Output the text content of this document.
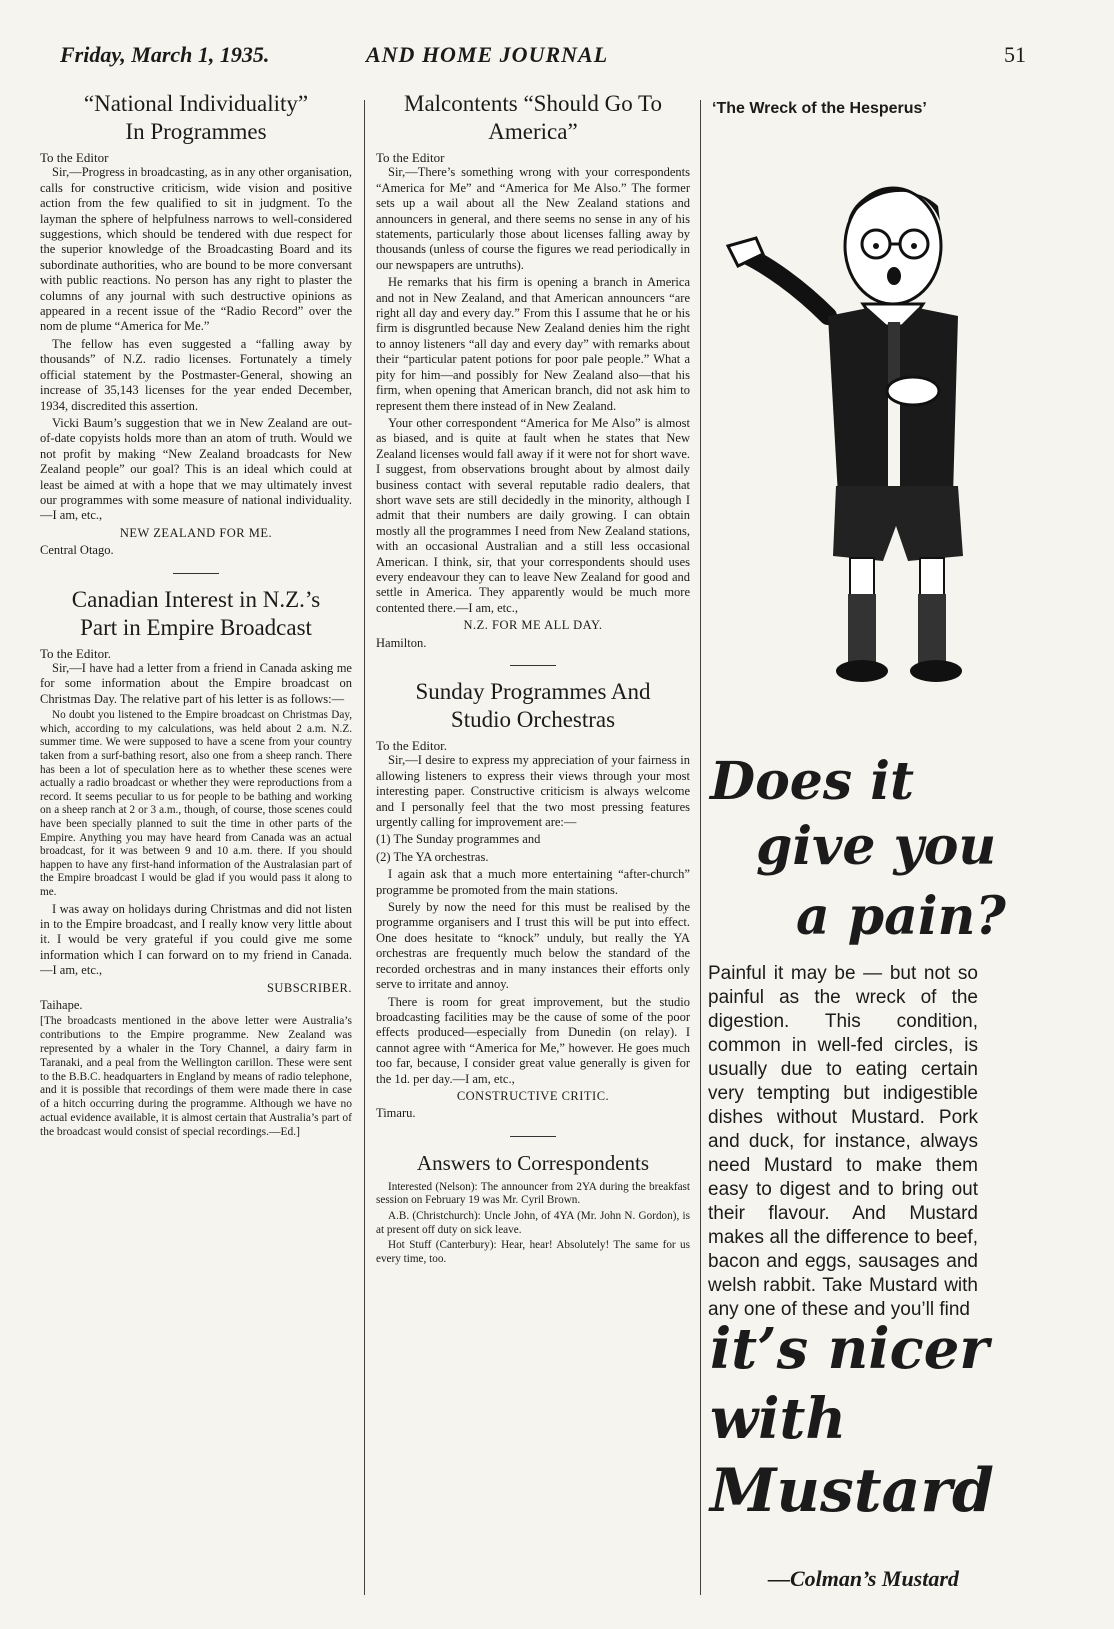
Friday, March 1, 1935.	AND HOME JOURNAL	51
“National Individuality”
In Programmes
To the Editor

Sir,—Progress in broadcasting, as in any other organisation, calls for constructive criticism, wide vision and positive action from the few qualified to sit in judgment. To the layman the sphere of helpfulness narrows to well-considered suggestions, which should be tendered with due respect for the superior knowledge of the Broadcasting Board and its subordinate authorities, who are bound to be more conversant with public reactions. No person has any right to plaster the columns of any journal with such destructive opinions as appeared in a recent issue of the “Radio Record” over the nom de plume “America for Me.”

The fellow has even suggested a “falling away by thousands” of N.Z. radio licenses. Fortunately a timely official statement by the Postmaster-General, showing an increase of 35,143 licenses for the year ended December, 1934, discredited this assertion.

Vicki Baum’s suggestion that we in New Zealand are out-of-date copyists holds more than an atom of truth. Would we not profit by making “New Zealand broadcasts for New Zealand people” our goal? This is an ideal which could at least be aimed at with a hope that we may ultimately invest our programmes with some measure of national individuality.—I am, etc.,

NEW ZEALAND FOR ME.

Central Otago.

Canadian Interest in N.Z.’s
Part in Empire Broadcast
To the Editor.

Sir,—I have had a letter from a friend in Canada asking me for some information about the Empire broadcast on Christmas Day. The relative part of his letter is as follows:—

No doubt you listened to the Empire broadcast on Christmas Day, which, according to my calculations, was held about 2 a.m. N.Z. summer time. We were supposed to have a scene from your country taken from a surf-bathing resort, also one from a sheep ranch. There has been a lot of speculation here as to whether these scenes were actually a radio broadcast or whether they were reproductions from a record. It seems peculiar to us for people to be bathing and working on a sheep ranch at 2 or 3 a.m., though, of course, those scenes could have been specially planned to suit the time in other parts of the Empire. Anything you may have heard from Canada was an actual broadcast, for it was between 9 and 10 a.m. there. If you should happen to have any first-hand information of the Australasian part of the Empire broadcast I would be glad if you would pass it along to me.

I was away on holidays during Christmas and did not listen in to the Empire broadcast, and I really know very little about it. I would be very grateful if you could give me some information which I can forward on to my friend in Canada.—I am, etc.,

SUBSCRIBER.

Taihape.

[The broadcasts mentioned in the above letter were Australia’s contributions to the Empire programme. New Zealand was represented by a whaler in the Tory Channel, a dairy farm in Taranaki, and a peal from the Wellington carillon. These were sent to the B.B.C. headquarters in England by means of radio telephone, and it is possible that recordings of them were made there in case of a hitch occurring during the programme. Although we have no actual evidence available, it is almost certain that Australia’s part of the broadcast would consist of special recordings.—Ed.]
Malcontents “Should Go To
America”
To the Editor

Sir,—There’s something wrong with your correspondents “America for Me” and “America for Me Also.” The former sets up a wail about all the New Zealand stations and announcers in general, and there seems no sense in any of his statements, particularly those about licenses falling away by thousands (unless of course the figures we read periodically in our newspapers are untruths).

He remarks that his firm is opening a branch in America and not in New Zealand, and that American announcers “are right all day and every day.” From this I assume that he or his firm is disgruntled because New Zealand denies him the right to annoy listeners “all day and every day” with remarks about their “particular patent potions for poor pale people.” What a pity for him—and possibly for New Zealand also—that his firm, when opening that American branch, did not ask him to represent them there instead of in New Zealand.

Your other correspondent “America for Me Also” is almost as biased, and is quite at fault when he states that New Zealand licenses would fall away if it were not for short wave. I suggest, from observations brought about by almost daily business contact with several reputable radio dealers, that short wave sets are still decidedly in the minority, although I admit that their numbers are daily growing. I can obtain mostly all the programmes I need from New Zealand stations, with an occasional Australian and a still less occasional American. I think, sir, that your correspondents should uses every endeavour they can to leave New Zealand for good and settle in America. They apparently would be much more contented there.—I am, etc.,

N.Z. FOR ME ALL DAY.

Hamilton.

Sunday Programmes And
Studio Orchestras
To the Editor.

Sir,—I desire to express my appreciation of your fairness in allowing listeners to express their views through your most interesting paper. Constructive criticism is always welcome and I personally feel that the two most pressing features urgently calling for improvement are:—

(1) The Sunday programmes and

(2) The YA orchestras.

I again ask that a much more entertaining “after-church” programme be promoted from the main stations.

Surely by now the need for this must be realised by the programme organisers and I trust this will be put into effect. One does hesitate to “knock” unduly, but really the YA orchestras are frequently much below the standard of the recorded orchestras and in many instances their efforts only serve to irritate and annoy.

There is room for great improvement, but the studio broadcasting facilities may be the cause of some of the poor effects produced—especially from Dunedin (on relay). I cannot agree with “America for Me,” however. He goes much too far, because, I consider great value generally is given for the 1d. per day.—I am, etc.,

CONSTRUCTIVE CRITIC.

Timaru.

Answers to Correspondents

Interested (Nelson): The announcer from 2YA during the breakfast session on February 19 was Mr. Cyril Brown.

A.B. (Christchurch): Uncle John, of 4YA (Mr. John N. Gordon), is at present off duty on sick leave.

Hot Stuff (Canterbury): Hear, hear! Absolutely! The same for us every time, too.

‘The Wreck of the Hesperus’
Does it
give you
a pain?
Painful it may be — but not so painful as the wreck of the digestion. This condition, common in well-fed circles, is usually due to eating certain very tempting but indigestible dishes without Mustard. Pork and duck, for instance, always need Mustard to make them easy to digest and to bring out their flavour. And Mustard makes all the difference to beef, bacon and eggs, sausages and welsh rabbit. Take Mustard with any one of these and you’ll find
it’s nicer
with
Mustard
—Colman’s Mustard
